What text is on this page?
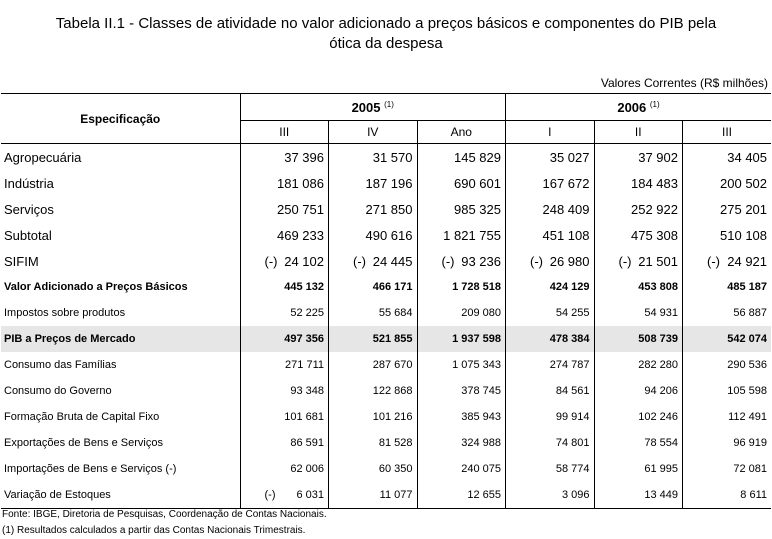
Tabela II.1 - Classes de atividade no valor adicionado a preços básicos e componentes do PIB pela
ótica da despesa
Valores Correntes (R$ milhões)
Especificação	2005 $^{(1)}$			2006 $^{(1)}$
	III	IV	Ano	I	II	III
Agropecuária	37 396	31 570	145 829	35 027	37 902	34 405
Indústria	181 086	187 196	690 601	167 672	184 483	200 502
Serviços	250 751	271 850	985 325	248 409	252 922	275 201
Subtotal	469 233	490 616	1 821 755	451 108	475 308	510 108
SIFIM	(-) 24 102	(-) 24 445	(-) 93 236	(-) 26 980	(-) 21 501	(-) 24 921
Valor Adicionado a Preços Básicos	445 132	466 171	1 728 518	424 129	453 808	485 187
Impostos sobre produtos	52 225	55 684	209 080	54 255	54 931	56 887
PIB a Preços de Mercado	497 356	521 855	1 937 598	478 384	508 739	542 074
Consumo das Famílias	271 711	287 670	1 075 343	274 787	282 280	290 536
Consumo do Governo	93 348	122 868	378 745	84 561	94 206	105 598
Formação Bruta de Capital Fixo	101 681	101 216	385 943	99 914	102 246	112 491
Exportações de Bens e Serviços	86 591	81 528	324 988	74 801	78 554	96 919
Importações de Bens e Serviços (-)	62 006	60 350	240 075	58 774	61 995	72 081
Variação de Estoques	(-) 6 031	11 077	12 655	3 096	13 449	8 611
Fonte: IBGE, Diretoria de Pesquisas, Coordenação de Contas Nacionais.
(1) Resultados calculados a partir das Contas Nacionais Trimestrais.
